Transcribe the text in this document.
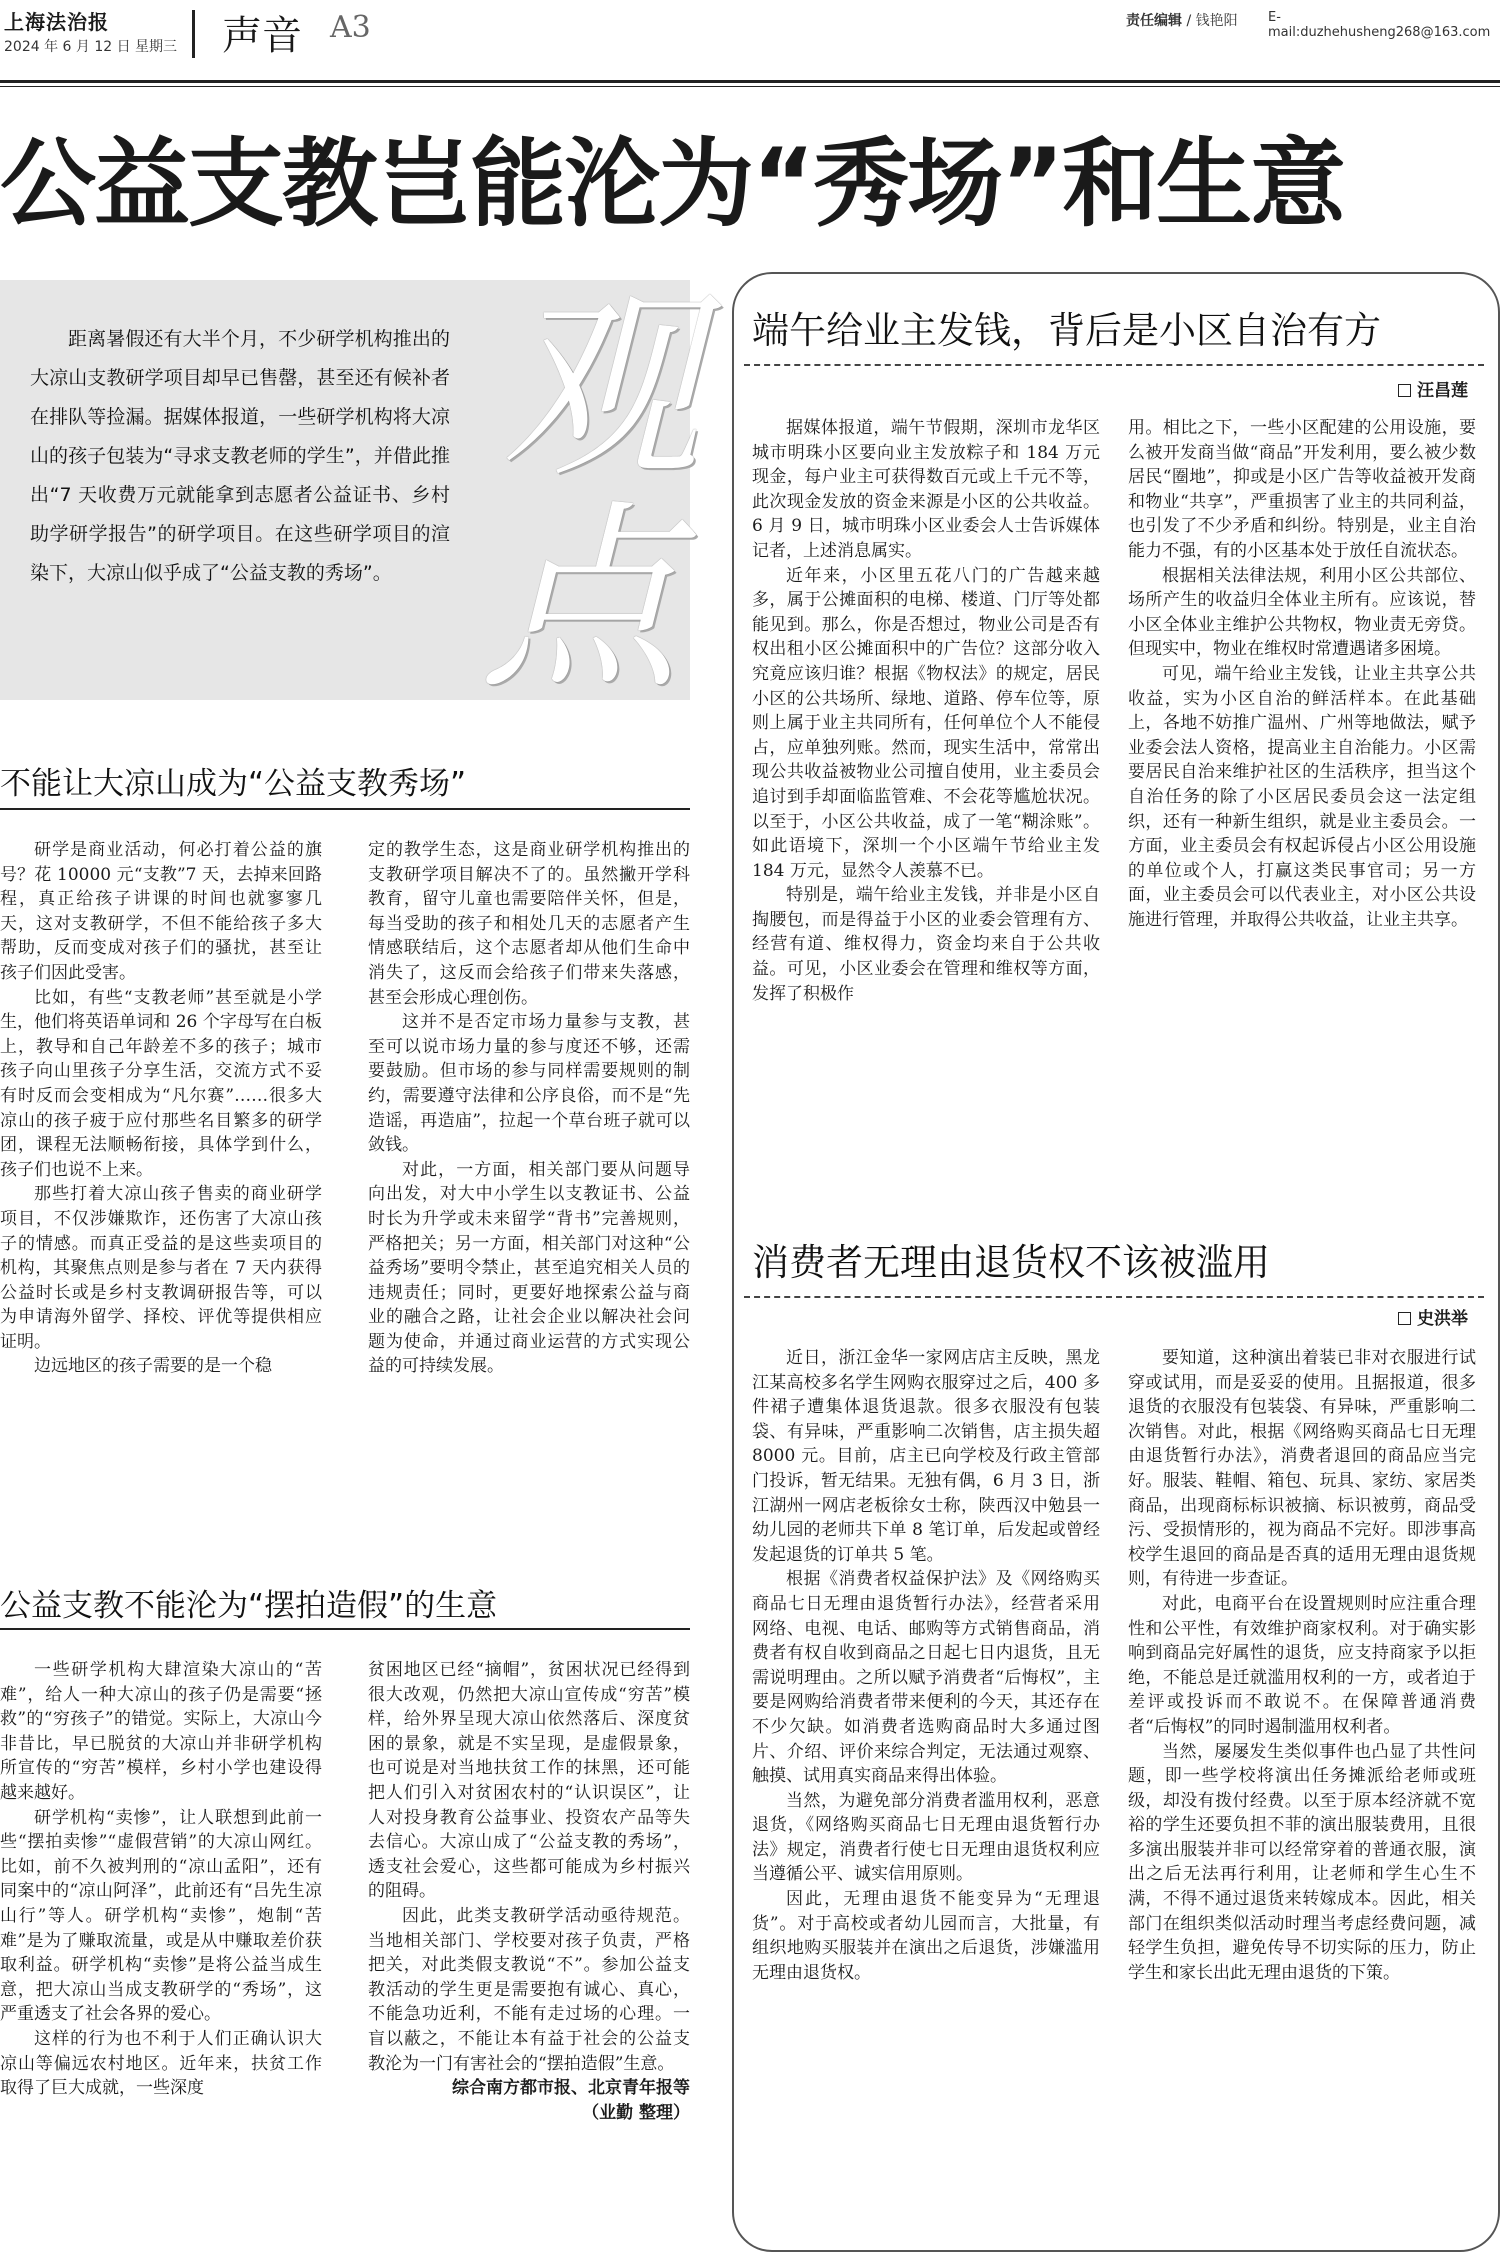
上海法治报
2024 年 6 月 12 日 星期三 声音 A3	责任编辑 / 钱艳阳 E-mail:duzhehusheng268@163.com
公益支教岂能沦为“秀场”和生意

距离暑假还有大半个月，不少研学机构推出的大凉山支教研学项目却早已售罄，甚至还有候补者在排队等捡漏。据媒体报道，一些研学机构将大凉山的孩子包装为“寻求支教老师的学生”，并借此推出“7 天收费万元就能拿到志愿者公益证书、乡村助学研学报告”的研学项目。在这些研学项目的渲染下，大凉山似乎成了“公益支教的秀场”。

观
点
不能让大凉山成为“公益支教秀场”

研学是商业活动，何必打着公益的旗号？花 10000 元“支教”7 天，去掉来回路程，真正给孩子讲课的时间也就寥寥几天，这对支教研学，不但不能给孩子多大帮助，反而变成对孩子们的骚扰，甚至让孩子们因此受害。

比如，有些“支教老师”甚至就是小学生，他们将英语单词和 26 个字母写在白板上，教导和自己年龄差不多的孩子；城市孩子向山里孩子分享生活，交流方式不妥有时反而会变相成为“凡尔赛”……很多大凉山的孩子疲于应付那些名目繁多的研学团，课程无法顺畅衔接，具体学到什么，孩子们也说不上来。

那些打着大凉山孩子售卖的商业研学项目，不仅涉嫌欺诈，还伤害了大凉山孩子的情感。而真正受益的是这些卖项目的机构，其聚焦点则是参与者在 7 天内获得公益时长或是乡村支教调研报告等，可以为申请海外留学、择校、评优等提供相应证明。

边远地区的孩子需要的是一个稳

定的教学生态，这是商业研学机构推出的支教研学项目解决不了的。虽然撇开学科教育，留守儿童也需要陪伴关怀，但是，每当受助的孩子和相处几天的志愿者产生情感联结后，这个志愿者却从他们生命中消失了，这反而会给孩子们带来失落感，甚至会形成心理创伤。

这并不是否定市场力量参与支教，甚至可以说市场力量的参与度还不够，还需要鼓励。但市场的参与同样需要规则的制约，需要遵守法律和公序良俗，而不是“先造谣，再造庙”，拉起一个草台班子就可以敛钱。

对此，一方面，相关部门要从问题导向出发，对大中小学生以支教证书、公益时长为升学或未来留学“背书”完善规则，严格把关；另一方面，相关部门对这种“公益秀场”要明令禁止，甚至追究相关人员的违规责任；同时，更要好地探索公益与商业的融合之路，让社会企业以解决社会问题为使命，并通过商业运营的方式实现公益的可持续发展。

公益支教不能沦为“摆拍造假”的生意

一些研学机构大肆渲染大凉山的“苦难”，给人一种大凉山的孩子仍是需要“拯救”的“穷孩子”的错觉。实际上，大凉山今非昔比，早已脱贫的大凉山并非研学机构所宣传的“穷苦”模样，乡村小学也建设得越来越好。

研学机构“卖惨”，让人联想到此前一些“摆拍卖惨”“虚假营销”的大凉山网红。比如，前不久被判刑的“凉山孟阳”，还有同案中的“凉山阿泽”，此前还有“吕先生凉山行”等人。研学机构“卖惨”，炮制“苦难”是为了赚取流量，或是从中赚取差价获取利益。研学机构“卖惨”是将公益当成生意，把大凉山当成支教研学的“秀场”，这严重透支了社会各界的爱心。

这样的行为也不利于人们正确认识大凉山等偏远农村地区。近年来，扶贫工作取得了巨大成就，一些深度

贫困地区已经“摘帽”，贫困状况已经得到很大改观，仍然把大凉山宣传成“穷苦”模样，给外界呈现大凉山依然落后、深度贫困的景象，就是不实呈现，是虚假景象，也可说是对当地扶贫工作的抹黑，还可能把人们引入对贫困农村的“认识误区”，让人对投身教育公益事业、投资农产品等失去信心。大凉山成了“公益支教的秀场”，透支社会爱心，这些都可能成为乡村振兴的阻碍。

因此，此类支教研学活动亟待规范。当地相关部门、学校要对孩子负责，严格把关，对此类假支教说“不”。参加公益支教活动的学生更是需要抱有诚心、真心，不能急功近利，不能有走过场的心理。一盲以蔽之，不能让本有益于社会的公益支教沦为一门有害社会的“摆拍造假”生意。

综合南方都市报、北京青年报等
（业勤 整理）
端午给业主发钱，背后是小区自治有方
汪昌莲

据媒体报道，端午节假期，深圳市龙华区城市明珠小区要向业主发放粽子和 184 万元现金，每户业主可获得数百元或上千元不等，此次现金发放的资金来源是小区的公共收益。6 月 9 日，城市明珠小区业委会人士告诉媒体记者，上述消息属实。

近年来，小区里五花八门的广告越来越多，属于公摊面积的电梯、楼道、门厅等处都能见到。那么，你是否想过，物业公司是否有权出租小区公摊面积中的广告位？这部分收入究竟应该归谁？根据《物权法》的规定，居民小区的公共场所、绿地、道路、停车位等，原则上属于业主共同所有，任何单位个人不能侵占，应单独列账。然而，现实生活中，常常出现公共收益被物业公司擅自使用，业主委员会追讨到手却面临监管难、不会花等尴尬状况。以至于，小区公共收益，成了一笔“糊涂账”。如此语境下，深圳一个小区端午节给业主发 184 万元，显然令人羡慕不已。

特别是，端午给业主发钱，并非是小区自掏腰包，而是得益于小区的业委会管理有方、经营有道、维权得力，资金均来自于公共收益。可见，小区业委会在管理和维权等方面，发挥了积极作

用。相比之下，一些小区配建的公用设施，要么被开发商当做“商品”开发利用，要么被少数居民“圈地”，抑或是小区广告等收益被开发商和物业“共享”，严重损害了业主的共同利益，也引发了不少矛盾和纠纷。特别是，业主自治能力不强，有的小区基本处于放任自流状态。

根据相关法律法规，利用小区公共部位、场所产生的收益归全体业主所有。应该说，替小区全体业主维护公共物权，物业责无旁贷。但现实中，物业在维权时常遭遇诸多困境。

可见，端午给业主发钱，让业主共享公共收益，实为小区自治的鲜活样本。在此基础上，各地不妨推广温州、广州等地做法，赋予业委会法人资格，提高业主自治能力。小区需要居民自治来维护社区的生活秩序，担当这个自治任务的除了小区居民委员会这一法定组织，还有一种新生组织，就是业主委员会。一方面，业主委员会有权起诉侵占小区公用设施的单位或个人，打赢这类民事官司；另一方面，业主委员会可以代表业主，对小区公共设施进行管理，并取得公共收益，让业主共享。

消费者无理由退货权不该被滥用
史洪举

近日，浙江金华一家网店店主反映，黑龙江某高校多名学生网购衣服穿过之后，400 多件裙子遭集体退货退款。很多衣服没有包装袋、有异味，严重影响二次销售，店主损失超 8000 元。目前，店主已向学校及行政主管部门投诉，暂无结果。无独有偶，6 月 3 日，浙江湖州一网店老板徐女士称，陕西汉中勉县一幼儿园的老师共下单 8 笔订单，后发起或曾经发起退货的订单共 5 笔。

根据《消费者权益保护法》及《网络购买商品七日无理由退货暂行办法》，经营者采用网络、电视、电话、邮购等方式销售商品，消费者有权自收到商品之日起七日内退货，且无需说明理由。之所以赋予消费者“后悔权”，主要是网购给消费者带来便利的今天，其还存在不少欠缺。如消费者选购商品时大多通过图片、介绍、评价来综合判定，无法通过观察、触摸、试用真实商品来得出体验。

当然，为避免部分消费者滥用权利，恶意退货，《网络购买商品七日无理由退货暂行办法》规定，消费者行使七日无理由退货权利应当遵循公平、诚实信用原则。

因此，无理由退货不能变异为“无理退货”。对于高校或者幼儿园而言，大批量，有组织地购买服装并在演出之后退货，涉嫌滥用无理由退货权。

要知道，这种演出着装已非对衣服进行试穿或试用，而是妥妥的使用。且据报道，很多退货的衣服没有包装袋、有异味，严重影响二次销售。对此，根据《网络购买商品七日无理由退货暂行办法》，消费者退回的商品应当完好。服装、鞋帽、箱包、玩具、家纺、家居类商品，出现商标标识被摘、标识被剪，商品受污、受损情形的，视为商品不完好。即涉事高校学生退回的商品是否真的适用无理由退货规则，有待进一步查证。

对此，电商平台在设置规则时应注重合理性和公平性，有效维护商家权利。对于确实影响到商品完好属性的退货，应支持商家予以拒绝，不能总是迁就滥用权利的一方，或者迫于差评或投诉而不敢说不。在保障普通消费者“后悔权”的同时遏制滥用权利者。

当然，屡屡发生类似事件也凸显了共性问题，即一些学校将演出任务摊派给老师或班级，却没有拨付经费。以至于原本经济就不宽裕的学生还要负担不菲的演出服装费用，且很多演出服装并非可以经常穿着的普通衣服，演出之后无法再行利用，让老师和学生心生不满，不得不通过退货来转嫁成本。因此，相关部门在组织类似活动时理当考虑经费问题，减轻学生负担，避免传导不切实际的压力，防止学生和家长出此无理由退货的下策。
